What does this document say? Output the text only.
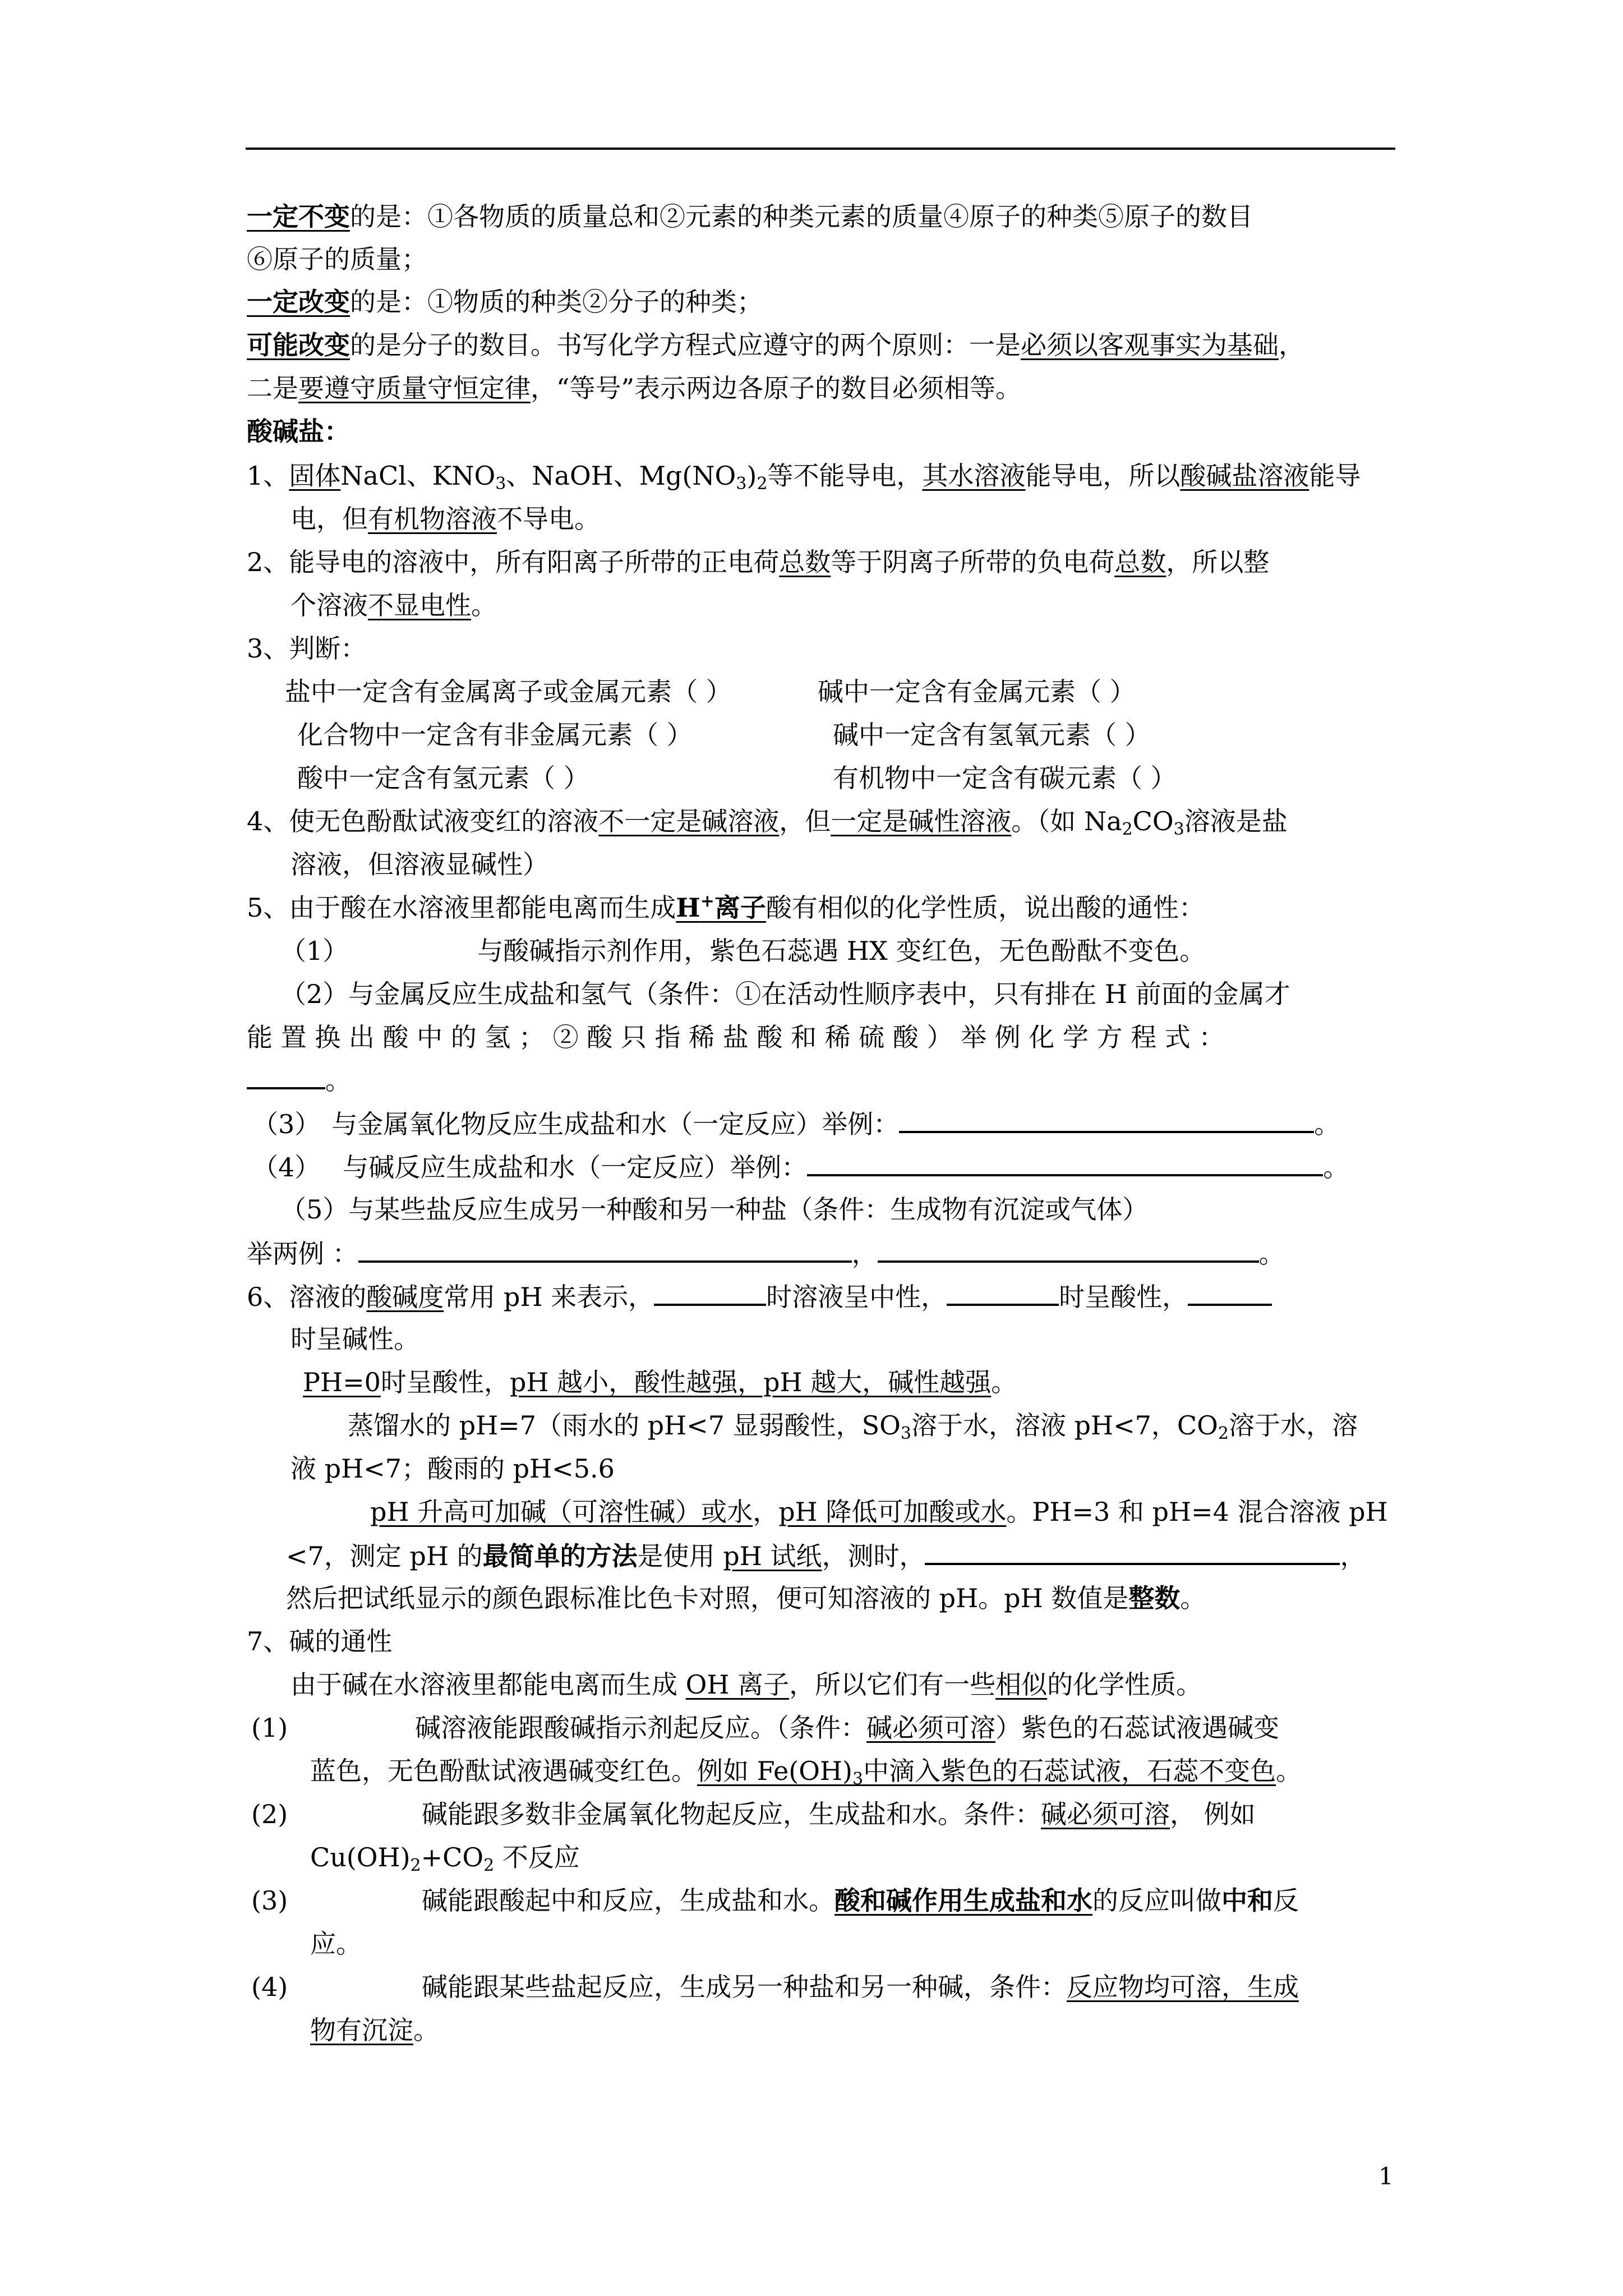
一定不变的是：①各物质的质量总和②元素的种类元素的质量④原子的种类⑤原子的数目
⑥原子的质量；
一定改变的是：①物质的种类②分子的种类；
可能改变的是分子的数目。书写化学方程式应遵守的两个原则：一是必须以客观事实为基础，
二是要遵守质量守恒定律，“等号”表示两边各原子的数目必须相等。
酸碱盐：
1、固体NaCl、$KNO_3$、NaOH、$Mg(NO_3)_2$等不能导电，其水溶液能导电，所以酸碱盐溶液能导
电，但有机物溶液不导电。
2、能导电的溶液中，所有阳离子所带的正电荷总数等于阴离子所带的负电荷总数，所以整
个溶液不显电性。
3、判断：
盐中一定含有金属离子或金属元素（ ）	碱中一定含有金属元素（ ）
化合物中一定含有非金属元素（ ）	碱中一定含有氢氧元素（ ）
酸中一定含有氢元素（ ）	有机物中一定含有碳元素（ ）
4、使无色酚酞试液变红的溶液不一定是碱溶液，但一定是碱性溶液。（如 $Na_2CO_3$溶液是盐
溶液，但溶液显碱性）
5、由于酸在水溶液里都能电离而生成H+离子酸有相似的化学性质，说出酸的通性：
（1）	与酸碱指示剂作用，紫色石蕊遇 HX 变红色，无色酚酞不变色。
（2）与金属反应生成盐和氢气（条件：①在活动性顺序表中，只有排在 H 前面的金属才
能 置 换 出 酸 中 的 氢 ； ② 酸 只 指 稀 盐 酸 和 稀 硫 酸 ） 举 例 化 学 方 程 式 ：
。
（3） 与金属氧化物反应生成盐和水（一定反应）举例：	。
（4） 与碱反应生成盐和水（一定反应）举例：	。
（5）与某些盐反应生成另一种酸和另一种盐（条件：生成物有沉淀或气体）
举两例 ：	，	。
6、溶液的酸碱度常用 pH 来表示，	时溶液呈中性，	时呈酸性，
时呈碱性。
PH=0时呈酸性，pH 越小，酸性越强，pH 越大，碱性越强。
蒸馏水的 pH=7（雨水的 pH<7 显弱酸性，$SO_3$溶于水，溶液 pH<7，$CO_2$溶于水，溶
液 pH<7；酸雨的 pH<5.6
pH 升高可加碱（可溶性碱）或水，pH 降低可加酸或水。PH=3 和 pH=4 混合溶液 pH
<7，测定 pH 的最简单的方法是使用 pH 试纸，测时，	，
然后把试纸显示的颜色跟标准比色卡对照，便可知溶液的 pH。pH 数值是整数。
7、碱的通性
由于碱在水溶液里都能电离而生成 OH 离子，所以它们有一些相似的化学性质。
(1)	碱溶液能跟酸碱指示剂起反应。（条件：碱必须可溶）紫色的石蕊试液遇碱变
蓝色，无色酚酞试液遇碱变红色。例如 $Fe(OH)_3$中滴入紫色的石蕊试液，石蕊不变色。
(2)	碱能跟多数非金属氧化物起反应，生成盐和水。条件：碱必须可溶， 例如
$Cu(OH)_2+CO_2$ 不反应
(3)	碱能跟酸起中和反应，生成盐和水。酸和碱作用生成盐和水的反应叫做中和反
应。
(4)	碱能跟某些盐起反应，生成另一种盐和另一种碱，条件：反应物均可溶，生成
物有沉淀。
1
